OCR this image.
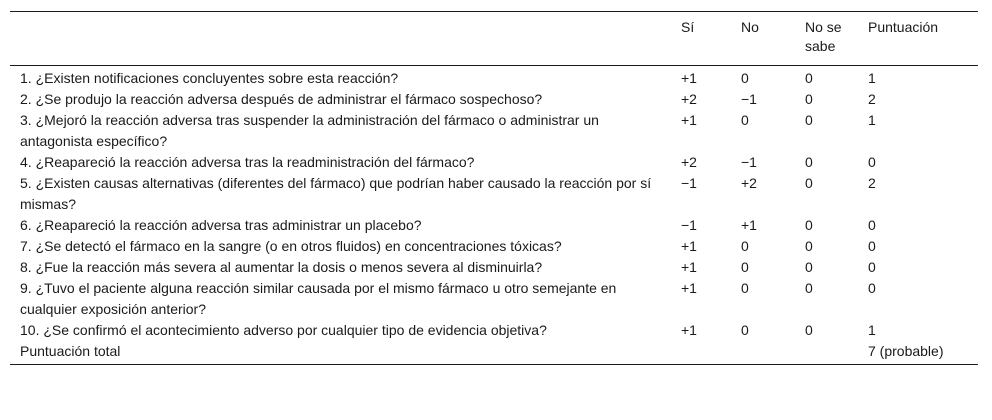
	Sí	No	No se sabe	Puntuación
1. ¿Existen notificaciones concluyentes sobre esta reacción?	+1	0	0	1
2. ¿Se produjo la reacción adversa después de administrar el fármaco sospechoso?	+2	−1	0	2
3. ¿Mejoró la reacción adversa tras suspender la administración del fármaco o administrar un antagonista específico?	+1	0	0	1
4. ¿Reapareció la reacción adversa tras la readministración del fármaco?	+2	−1	0	0
5. ¿Existen causas alternativas (diferentes del fármaco) que podrían haber causado la reacción por sí mismas?	−1	+2	0	2
6. ¿Reapareció la reacción adversa tras administrar un placebo?	−1	+1	0	0
7. ¿Se detectó el fármaco en la sangre (o en otros fluidos) en concentraciones tóxicas?	+1	0	0	0
8. ¿Fue la reacción más severa al aumentar la dosis o menos severa al disminuirla?	+1	0	0	0
9. ¿Tuvo el paciente alguna reacción similar causada por el mismo fármaco u otro semejante en cualquier exposición anterior?	+1	0	0	0
10. ¿Se confirmó el acontecimiento adverso por cualquier tipo de evidencia objetiva?	+1	0	0	1
Puntuación total				7 (probable)
